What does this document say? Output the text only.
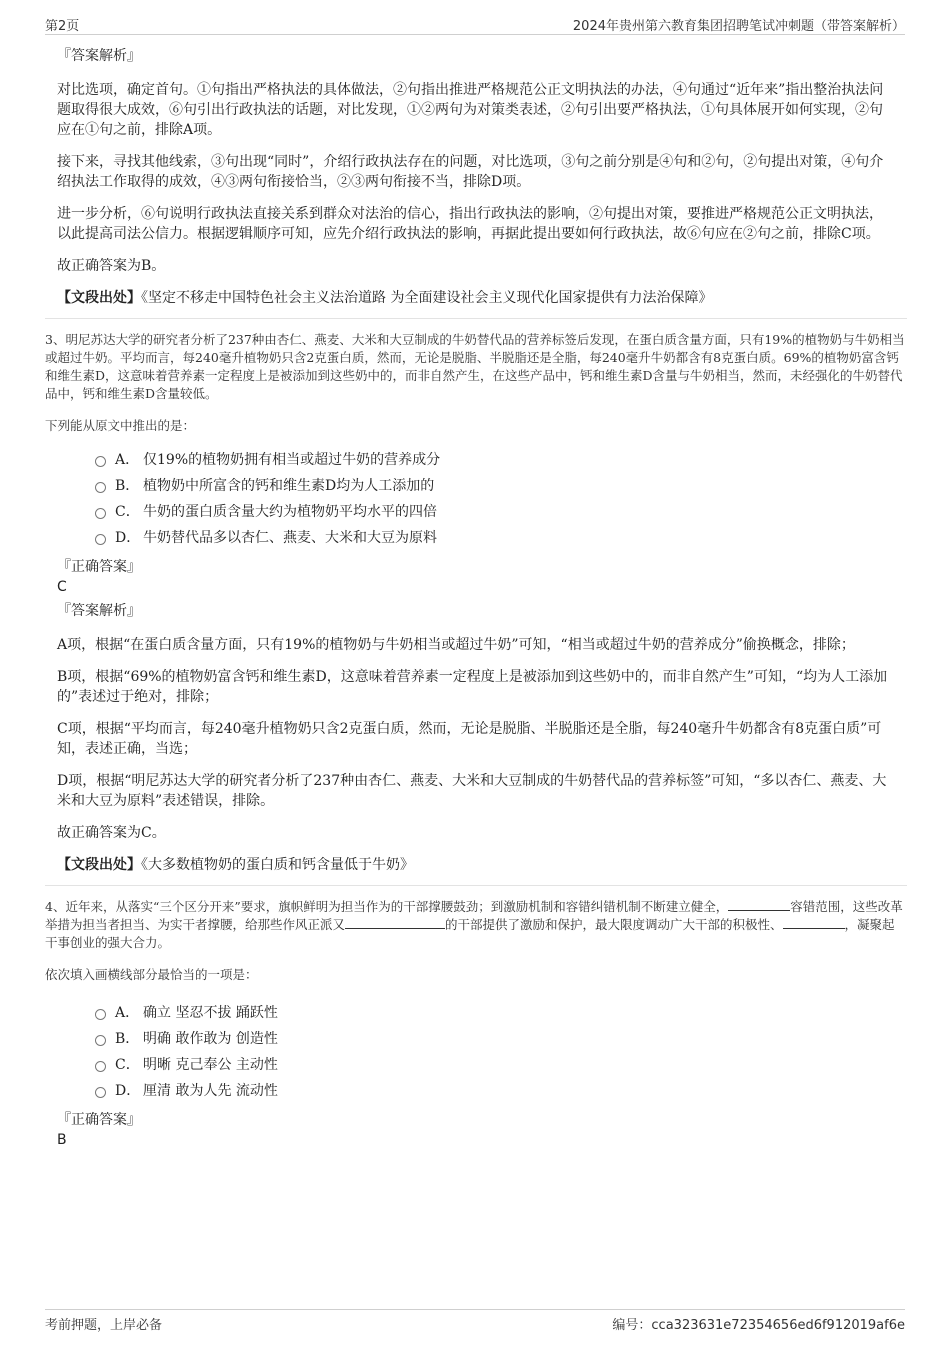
第2页	2024年贵州第六教育集团招聘笔试冲刺题（带答案解析）

『答案解析』

对比选项，确定首句。①句指出严格执法的具体做法，②句指出推进严格规范公正文明执法的办法，④句通过“近年来”指出整治执法问题取得很大成效，⑥句引出行政执法的话题，对比发现，①②两句为对策类表述，②句引出要严格执法，①句具体展开如何实现，②句应在①句之前，排除A项。

接下来，寻找其他线索，③句出现“同时”，介绍行政执法存在的问题，对比选项，③句之前分别是④句和②句，②句提出对策，④句介绍执法工作取得的成效，④③两句衔接恰当，②③两句衔接不当，排除D项。

进一步分析，⑥句说明行政执法直接关系到群众对法治的信心，指出行政执法的影响，②句提出对策，要推进严格规范公正文明执法，以此提高司法公信力。根据逻辑顺序可知，应先介绍行政执法的影响，再据此提出要如何行政执法，故⑥句应在②句之前，排除C项。

故正确答案为B。

【文段出处】《坚定不移走中国特色社会主义法治道路 为全面建设社会主义现代化国家提供有力法治保障》

3、明尼苏达大学的研究者分析了237种由杏仁、燕麦、大米和大豆制成的牛奶替代品的营养标签后发现，在蛋白质含量方面，只有19%的植物奶与牛奶相当或超过牛奶。平均而言，每240毫升植物奶只含2克蛋白质，然而，无论是脱脂、半脱脂还是全脂，每240毫升牛奶都含有8克蛋白质。69%的植物奶富含钙和维生素D，这意味着营养素一定程度上是被添加到这些奶中的，而非自然产生，在这些产品中，钙和维生素D含量与牛奶相当，然而，未经强化的牛奶替代品中，钙和维生素D含量较低。

下列能从原文中推出的是：

A． 仅19%的植物奶拥有相当或超过牛奶的营养成分
B． 植物奶中所富含的钙和维生素D均为人工添加的
C． 牛奶的蛋白质含量大约为植物奶平均水平的四倍
D． 牛奶替代品多以杏仁、燕麦、大米和大豆为原料

『正确答案』

C

『答案解析』

A项，根据“在蛋白质含量方面，只有19%的植物奶与牛奶相当或超过牛奶”可知，“相当或超过牛奶的营养成分”偷换概念，排除；

B项，根据“69%的植物奶富含钙和维生素D，这意味着营养素一定程度上是被添加到这些奶中的，而非自然产生”可知，“均为人工添加的”表述过于绝对，排除；

C项，根据“平均而言，每240毫升植物奶只含2克蛋白质，然而，无论是脱脂、半脱脂还是全脂，每240毫升牛奶都含有8克蛋白质”可知，表述正确，当选；

D项，根据“明尼苏达大学的研究者分析了237种由杏仁、燕麦、大米和大豆制成的牛奶替代品的营养标签”可知，“多以杏仁、燕麦、大米和大豆为原料”表述错误，排除。

故正确答案为C。

【文段出处】《大多数植物奶的蛋白质和钙含量低于牛奶》

4、近年来，从落实“三个区分开来”要求，旗帜鲜明为担当作为的干部撑腰鼓劲；到激励机制和容错纠错机制不断建立健全，	容错范围，这些改革举措为担当者担当、为实干者撑腰，给那些作风正派又	的干部提供了激励和保护，最大限度调动广大干部的积极性、	，凝聚起干事创业的强大合力。

依次填入画横线部分最恰当的一项是：

A． 确立 坚忍不拔 踊跃性
B． 明确 敢作敢为 创造性
C． 明晰 克己奉公 主动性
D． 厘清 敢为人先 流动性

『正确答案』

B

考前押题，上岸必备	编号：cca323631e72354656ed6f912019af6e
